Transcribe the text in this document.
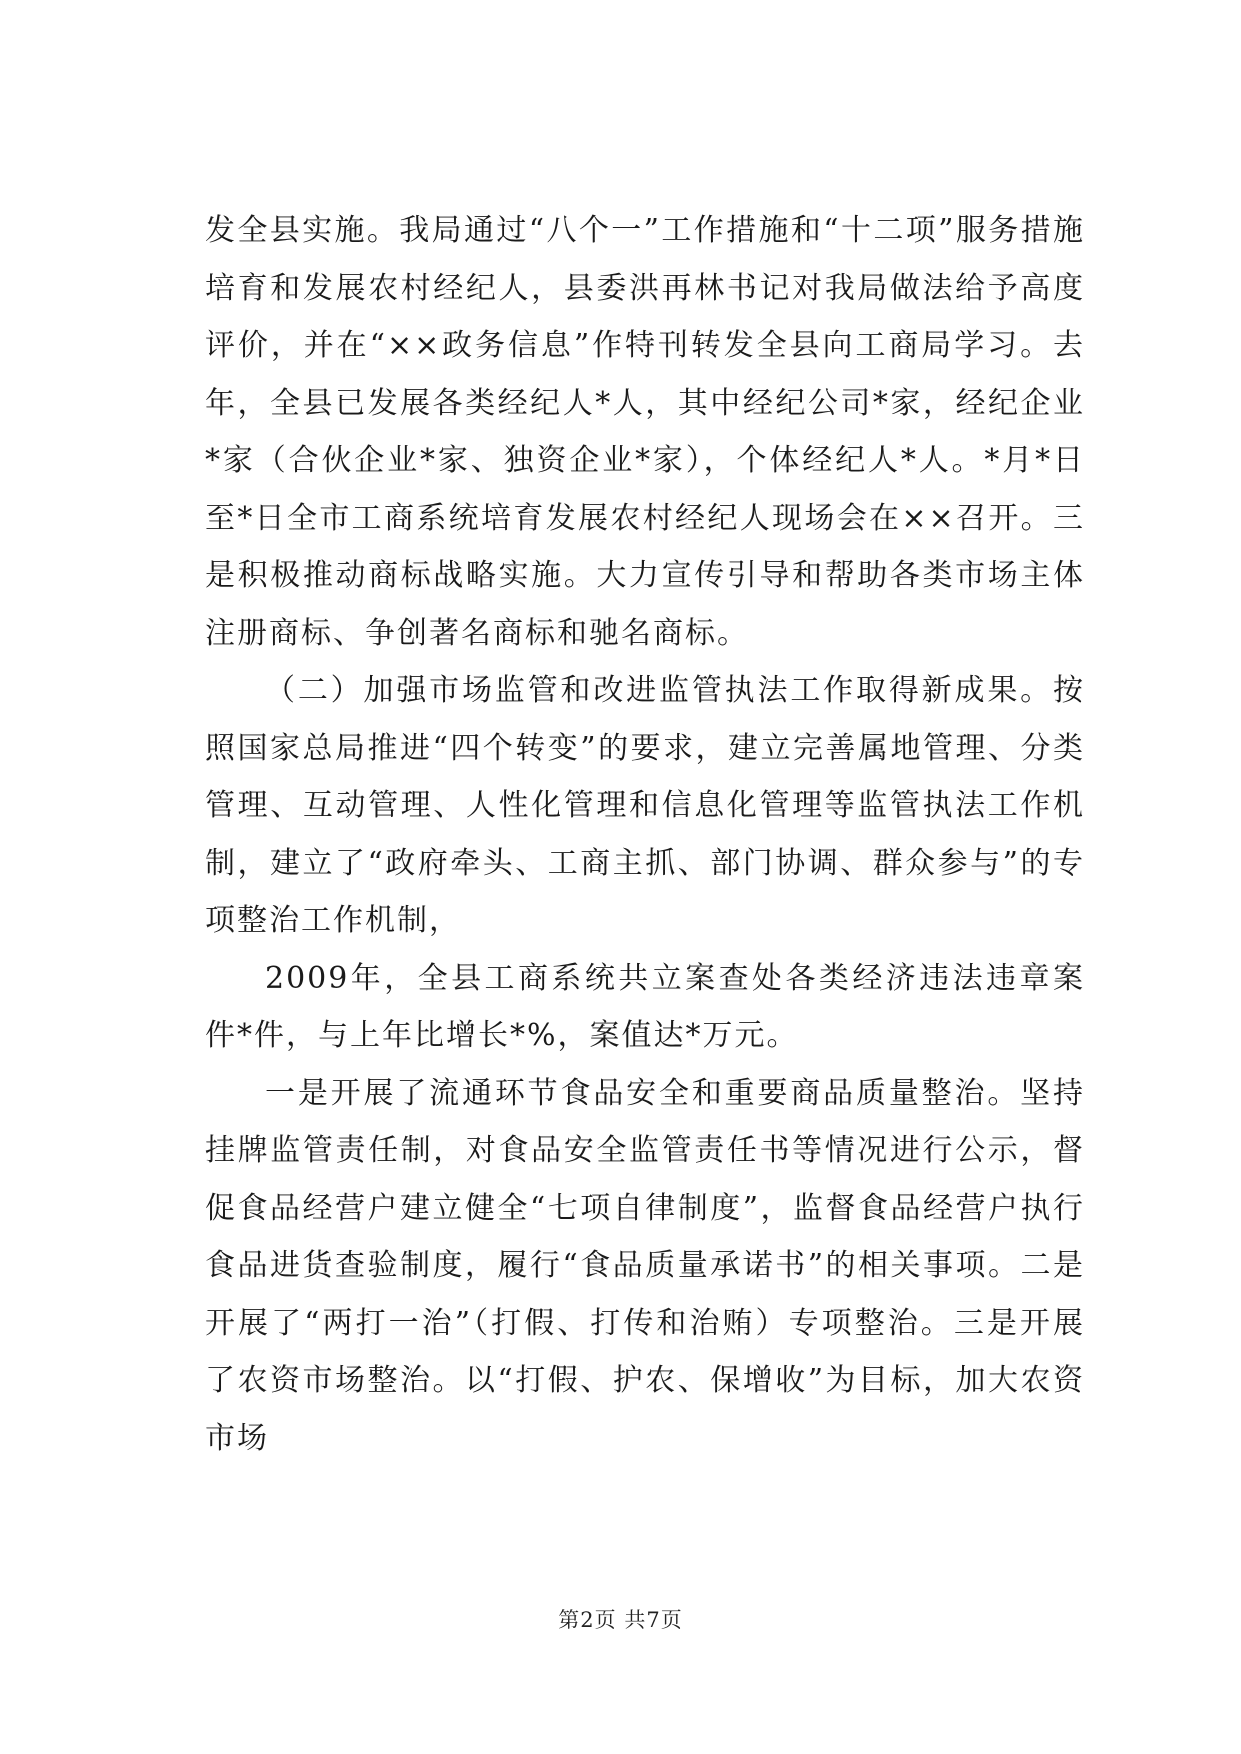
发全县实施。我局通过“八个一”工作措施和“十二项”服务措施培育和发展农村经纪人，县委洪再林书记对我局做法给予高度评价，并在“××政务信息”作特刊转发全县向工商局学习。去年，全县已发展各类经纪人*人，其中经纪公司*家，经纪企业*家（合伙企业*家、独资企业*家），个体经纪人*人。*月*日至*日全市工商系统培育发展农村经纪人现场会在××召开。三是积极推动商标战略实施。大力宣传引导和帮助各类市场主体注册商标、争创著名商标和驰名商标。

（二）加强市场监管和改进监管执法工作取得新成果。按照国家总局推进“四个转变”的要求，建立完善属地管理、分类管理、互动管理、人性化管理和信息化管理等监管执法工作机制，建立了“政府牵头、工商主抓、部门协调、群众参与”的专项整治工作机制，

2009年，全县工商系统共立案查处各类经济违法违章案件*件，与上年比增长*%，案值达*万元。

一是开展了流通环节食品安全和重要商品质量整治。坚持挂牌监管责任制，对食品安全监管责任书等情况进行公示，督促食品经营户建立健全“七项自律制度”，监督食品经营户执行食品进货查验制度，履行“食品质量承诺书”的相关事项。二是开展了“两打一治”（打假、打传和治贿）专项整治。三是开展了农资市场整治。以“打假、护农、保增收”为目标，加大农资市场

第2页 共7页
